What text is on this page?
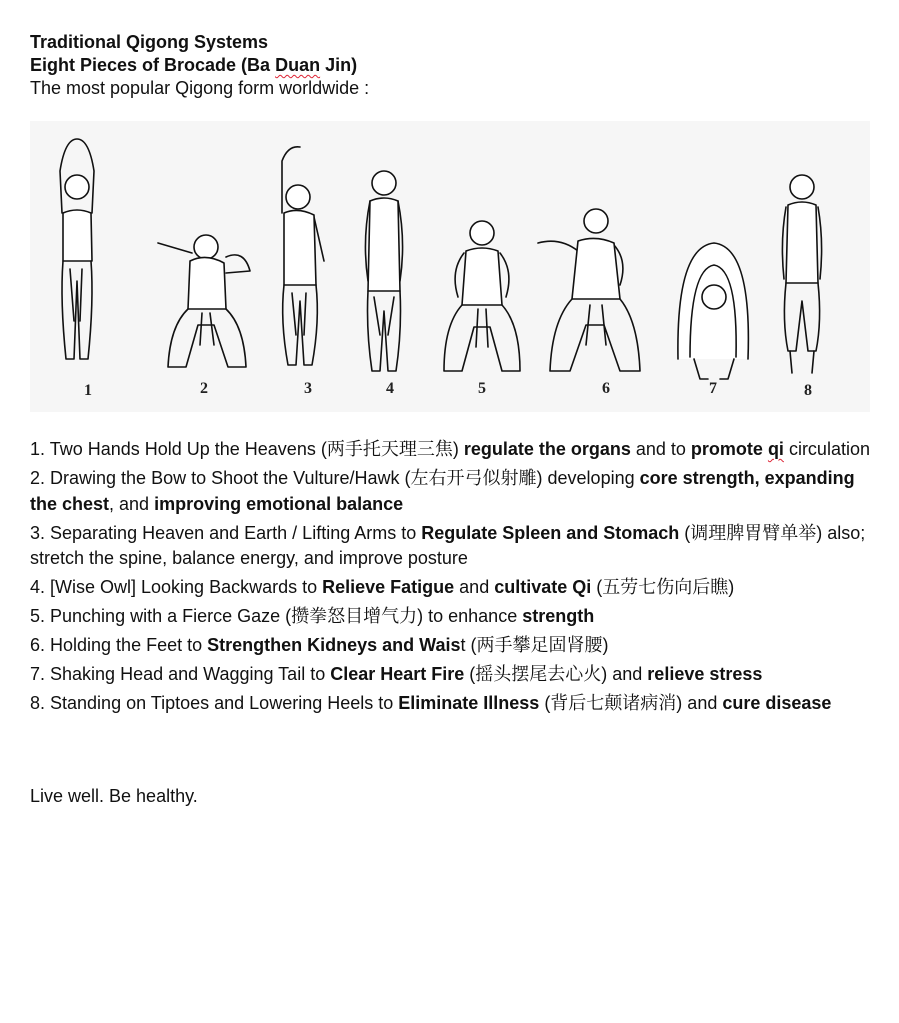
Traditional Qigong Systems
Eight Pieces of Brocade (Ba Duan Jin)
The most popular Qigong form worldwide :
1	2	3	4	5	6	7	8
1. Two Hands Hold Up the Heavens (两手托天理三焦) regulate the organs and to promote qi circulation
2. Drawing the Bow to Shoot the Vulture/Hawk (左右开弓似射雕) developing core strength, expanding the chest, and improving emotional balance
3. Separating Heaven and Earth / Lifting Arms to Regulate Spleen and Stomach (调理脾胃臂单举) also; stretch the spine, balance energy, and improve posture
4. [Wise Owl] Looking Backwards to Relieve Fatigue and cultivate Qi (五劳七伤向后瞧)
5. Punching with a Fierce Gaze (攒拳怒目增气力) to enhance strength
6. Holding the Feet to Strengthen Kidneys and Waist (两手攀足固肾腰)
7. Shaking Head and Wagging Tail to Clear Heart Fire (摇头摆尾去心火) and relieve stress
8. Standing on Tiptoes and Lowering Heels to Eliminate Illness (背后七颠诸病消) and cure disease
Live well. Be healthy.
